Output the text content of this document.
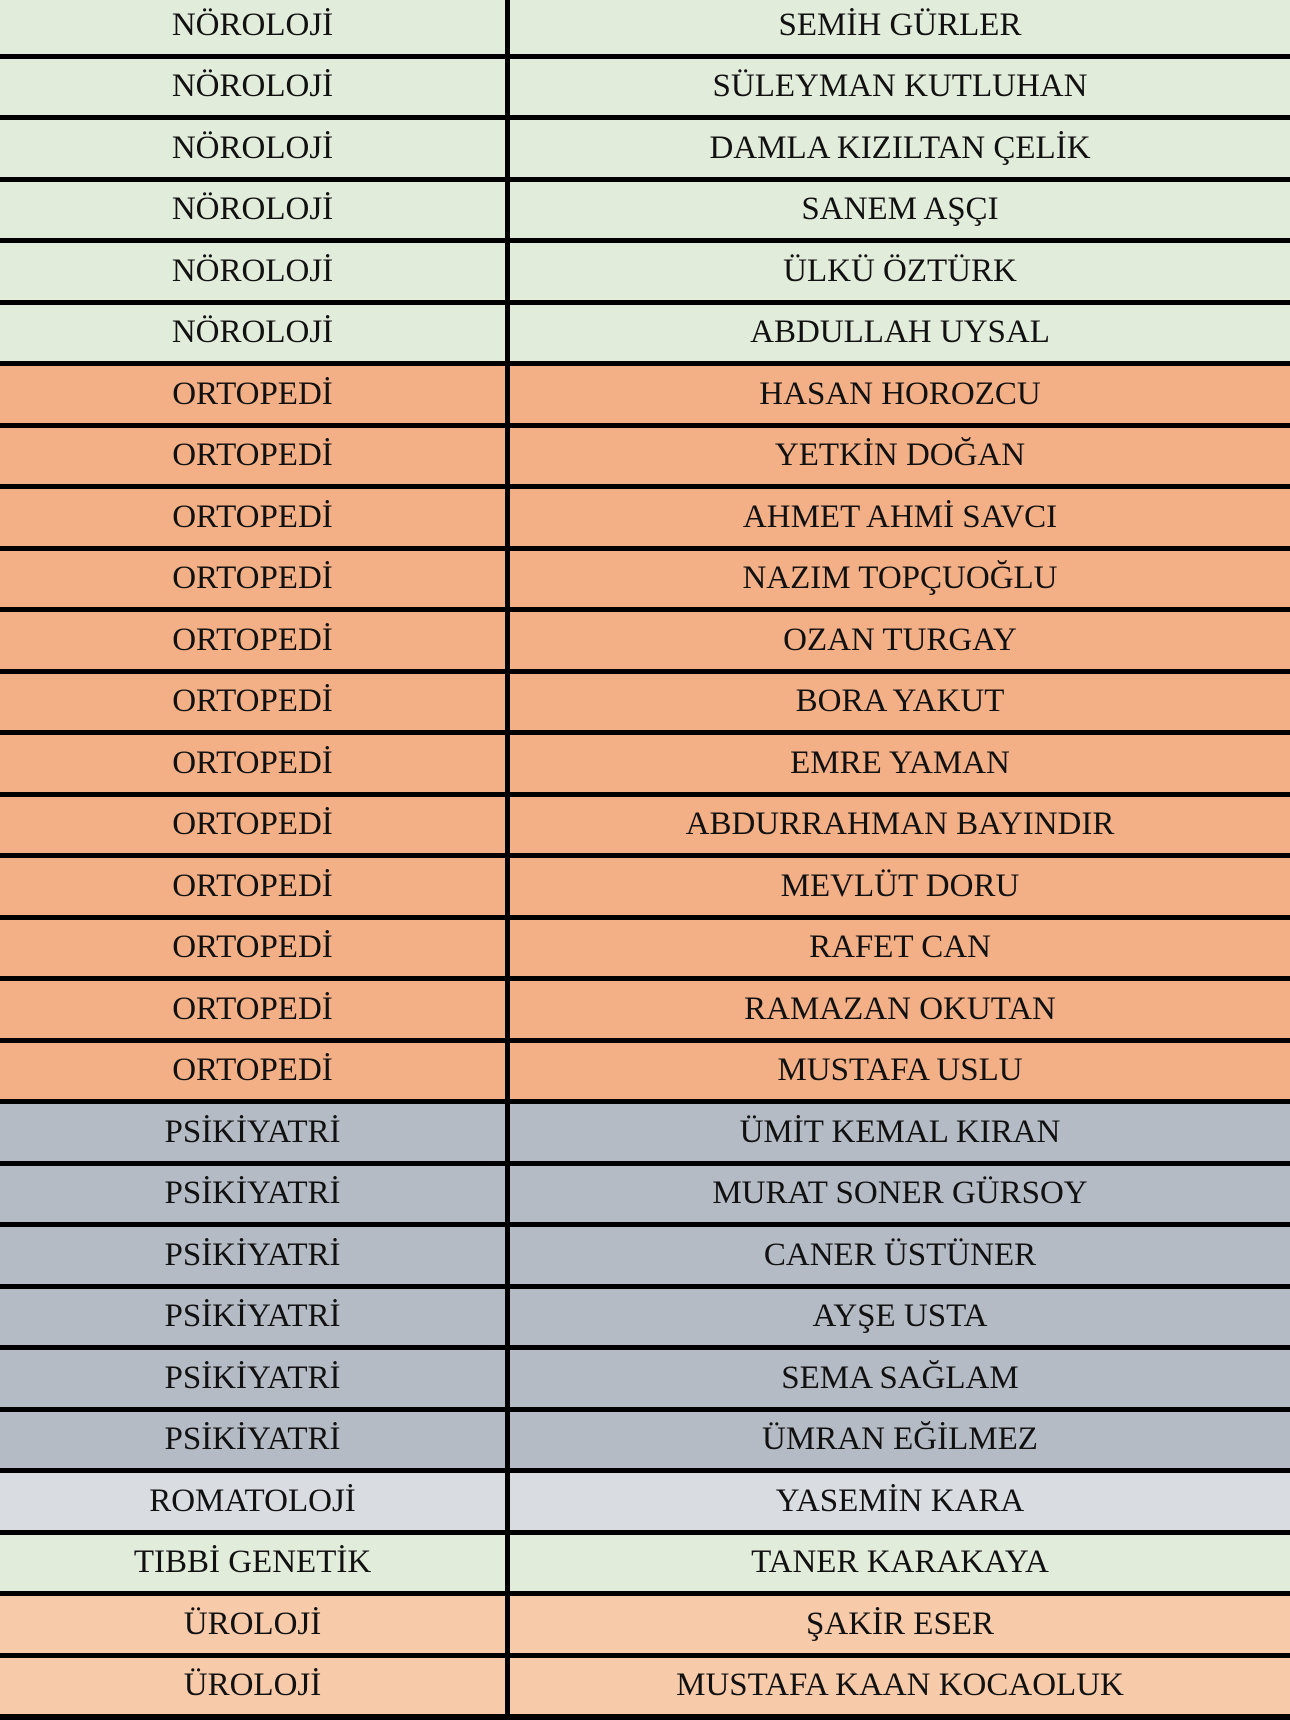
NÖROLOJİ	SEMİH GÜRLER
NÖROLOJİ	SÜLEYMAN KUTLUHAN
NÖROLOJİ	DAMLA KIZILTAN ÇELİK
NÖROLOJİ	SANEM AŞÇI
NÖROLOJİ	ÜLKÜ ÖZTÜRK
NÖROLOJİ	ABDULLAH UYSAL
ORTOPEDİ	HASAN HOROZCU
ORTOPEDİ	YETKİN DOĞAN
ORTOPEDİ	AHMET AHMİ SAVCI
ORTOPEDİ	NAZIM TOPÇUOĞLU
ORTOPEDİ	OZAN TURGAY
ORTOPEDİ	BORA YAKUT
ORTOPEDİ	EMRE YAMAN
ORTOPEDİ	ABDURRAHMAN BAYINDIR
ORTOPEDİ	MEVLÜT DORU
ORTOPEDİ	RAFET CAN
ORTOPEDİ	RAMAZAN OKUTAN
ORTOPEDİ	MUSTAFA USLU
PSİKİYATRİ	ÜMİT KEMAL KIRAN
PSİKİYATRİ	MURAT SONER GÜRSOY
PSİKİYATRİ	CANER ÜSTÜNER
PSİKİYATRİ	AYŞE USTA
PSİKİYATRİ	SEMA SAĞLAM
PSİKİYATRİ	ÜMRAN EĞİLMEZ
ROMATOLOJİ	YASEMİN KARA
TIBBİ GENETİK	TANER KARAKAYA
ÜROLOJİ	ŞAKİR ESER
ÜROLOJİ	MUSTAFA KAAN KOCAOLUK
